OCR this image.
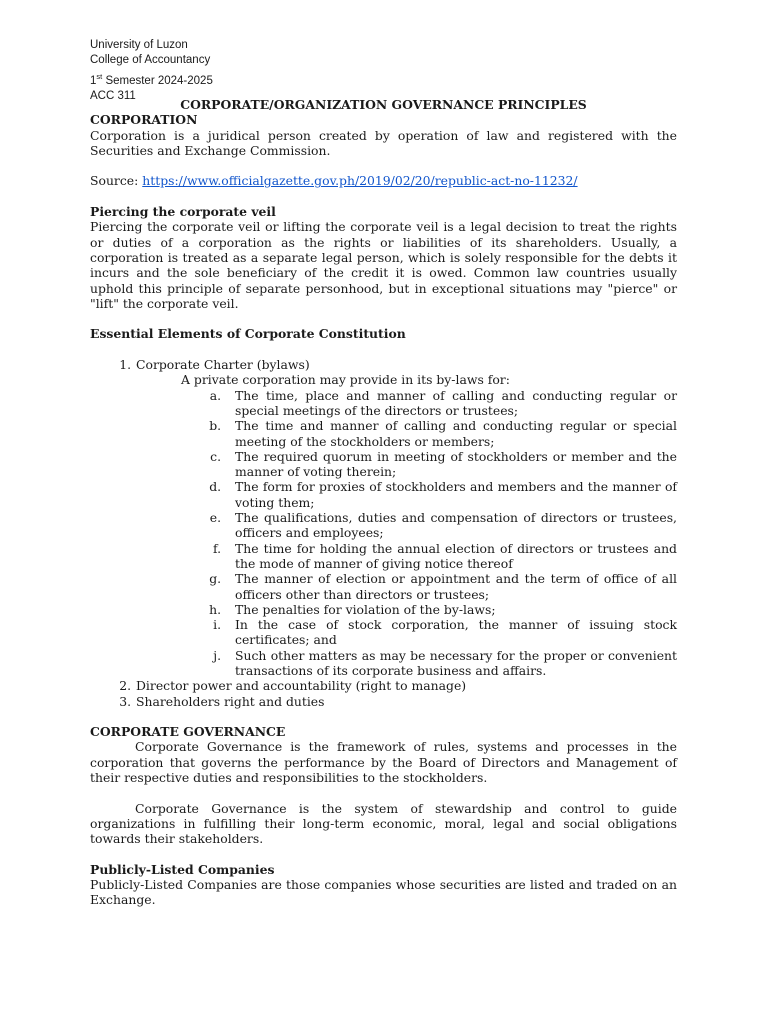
University of Luzon
College of Accountancy
1st Semester 2024-2025
ACC 311
CORPORATE/ORGANIZATION GOVERNANCE PRINCIPLES
CORPORATION
Corporation is a juridical person created by operation of law and registered with the Securities and Exchange Commission.
Source: https://www.officialgazette.gov.ph/2019/02/20/republic-act-no-11232/
Piercing the corporate veil
Piercing the corporate veil or lifting the corporate veil is a legal decision to treat the rights or duties of a corporation as the rights or liabilities of its shareholders. Usually, a corporation is treated as a separate legal person, which is solely responsible for the debts it incurs and the sole beneficiary of the credit it is owed. Common law countries usually uphold this principle of separate personhood, but in exceptional situations may "pierce" or "lift" the corporate veil.
Essential Elements of Corporate Constitution
1. Corporate Charter (bylaws)
A private corporation may provide in its by-laws for:
a. The time, place and manner of calling and conducting regular or special meetings of the directors or trustees;
b. The time and manner of calling and conducting regular or special meeting of the stockholders or members;
c. The required quorum in meeting of stockholders or member and the manner of voting therein;
d. The form for proxies of stockholders and members and the manner of voting them;
e. The qualifications, duties and compensation of directors or trustees, officers and employees;
f. The time for holding the annual election of directors or trustees and the mode of manner of giving notice thereof
g. The manner of election or appointment and the term of office of all officers other than directors or trustees;
h. The penalties for violation of the by-laws;
i. In the case of stock corporation, the manner of issuing stock certificates; and
j. Such other matters as may be necessary for the proper or convenient transactions of its corporate business and affairs.
2. Director power and accountability (right to manage)
3. Shareholders right and duties
CORPORATE GOVERNANCE
Corporate Governance is the framework of rules, systems and processes in the corporation that governs the performance by the Board of Directors and Management of their respective duties and responsibilities to the stockholders.
Corporate Governance is the system of stewardship and control to guide organizations in fulfilling their long-term economic, moral, legal and social obligations towards their stakeholders.
Publicly-Listed Companies
Publicly-Listed Companies are those companies whose securities are listed and traded on an Exchange.
